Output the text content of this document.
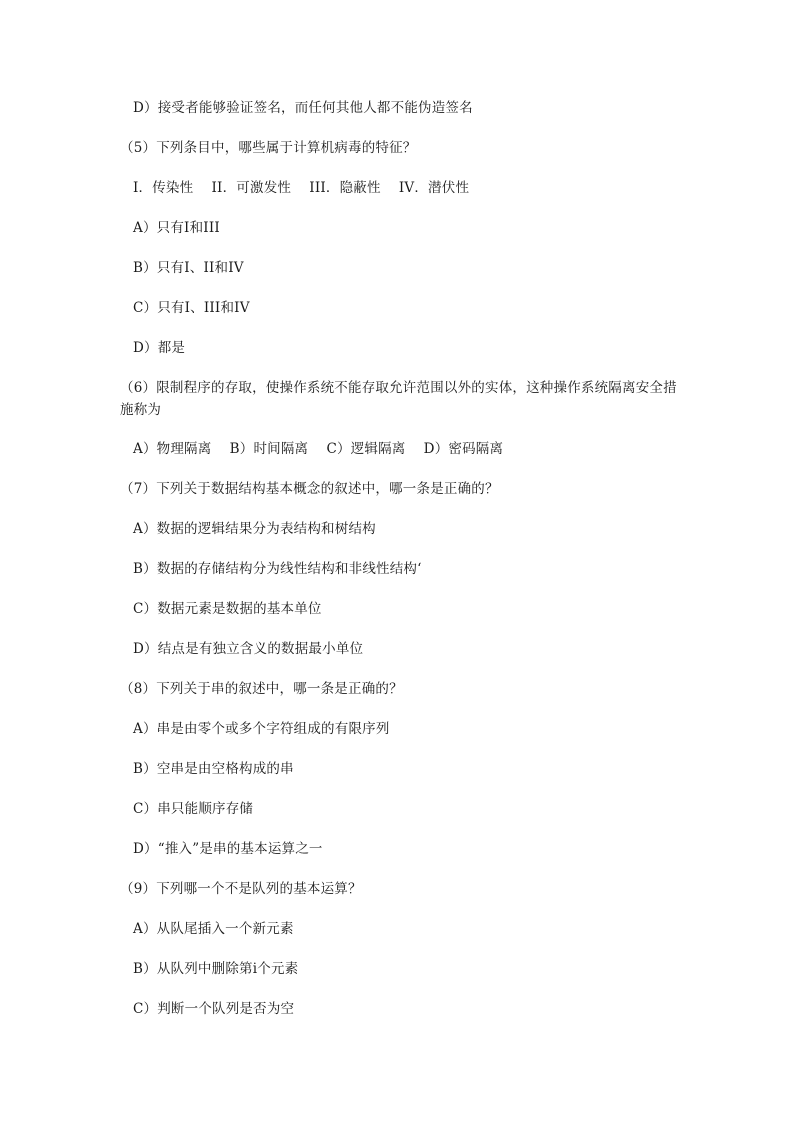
D）接受者能够验证签名，而任何其他人都不能伪造签名
（5）下列条目中，哪些属于计算机病毒的特征？
I．传染性　 II．可激发性　 III．隐蔽性　 IV．潜伏性
A）只有I和III
B）只有I、II和IV
C）只有I、III和IV
D）都是
（6）限制程序的存取，使操作系统不能存取允许范围以外的实体，这种操作系统隔离安全措施称为
A）物理隔离　 B）时间隔离　 C）逻辑隔离　 D）密码隔离
（7）下列关于数据结构基本概念的叙述中，哪一条是正确的？
A）数据的逻辑结果分为表结构和树结构
B）数据的存储结构分为线性结构和非线性结构‘
C）数据元素是数据的基本单位
D）结点是有独立含义的数据最小单位
（8）下列关于串的叙述中，哪一条是正确的？
A）串是由零个或多个字符组成的有限序列
B）空串是由空格构成的串
C）串只能顺序存储
D）“推入”是串的基本运算之一
（9）下列哪一个不是队列的基本运算？
A）从队尾插入一个新元素
B）从队列中删除第i个元素
C）判断一个队列是否为空
